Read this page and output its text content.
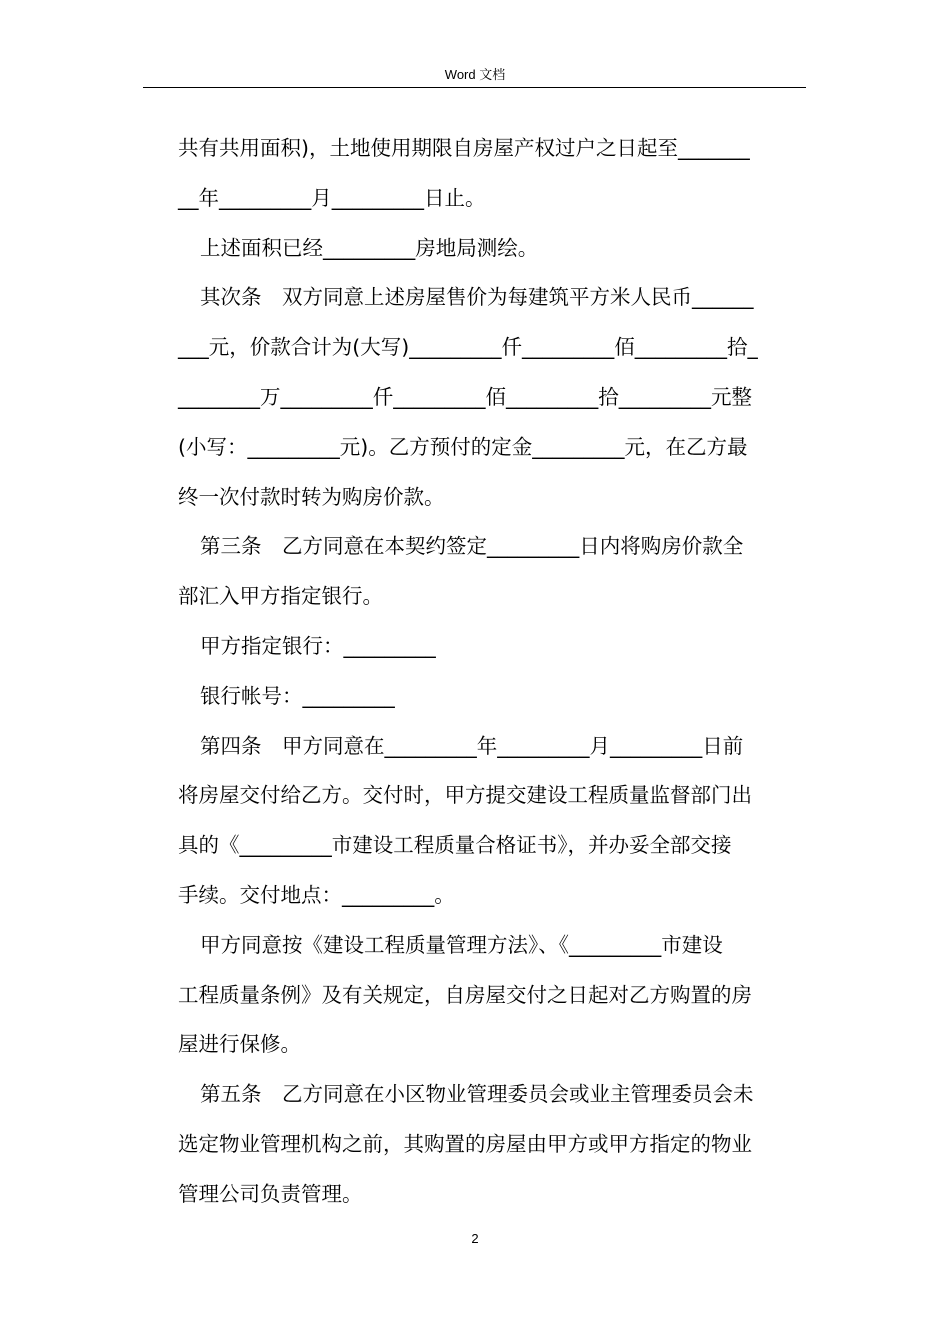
Word 文档
共有共用面积)，土地使用期限自房屋产权过户之日起至_______
__年_________月_________日止。
上述面积已经_________房地局测绘。
其次条　双方同意上述房屋售价为每建筑平方米人民币______
___元，价款合计为(大写)_________仟_________佰_________拾_
________万_________仟_________佰_________拾_________元整
(小写：_________元)。乙方预付的定金_________元，在乙方最
终一次付款时转为购房价款。
第三条　乙方同意在本契约签定_________日内将购房价款全
部汇入甲方指定银行。
甲方指定银行：_________
银行帐号：_________
第四条　甲方同意在_________年_________月_________日前
将房屋交付给乙方。交付时，甲方提交建设工程质量监督部门出
具的《_________市建设工程质量合格证书》，并办妥全部交接
手续。交付地点：_________。
甲方同意按《建设工程质量管理方法》、《_________市建设
工程质量条例》及有关规定，自房屋交付之日起对乙方购置的房
屋进行保修。
第五条　乙方同意在小区物业管理委员会或业主管理委员会未
选定物业管理机构之前，其购置的房屋由甲方或甲方指定的物业
管理公司负责管理。
2
